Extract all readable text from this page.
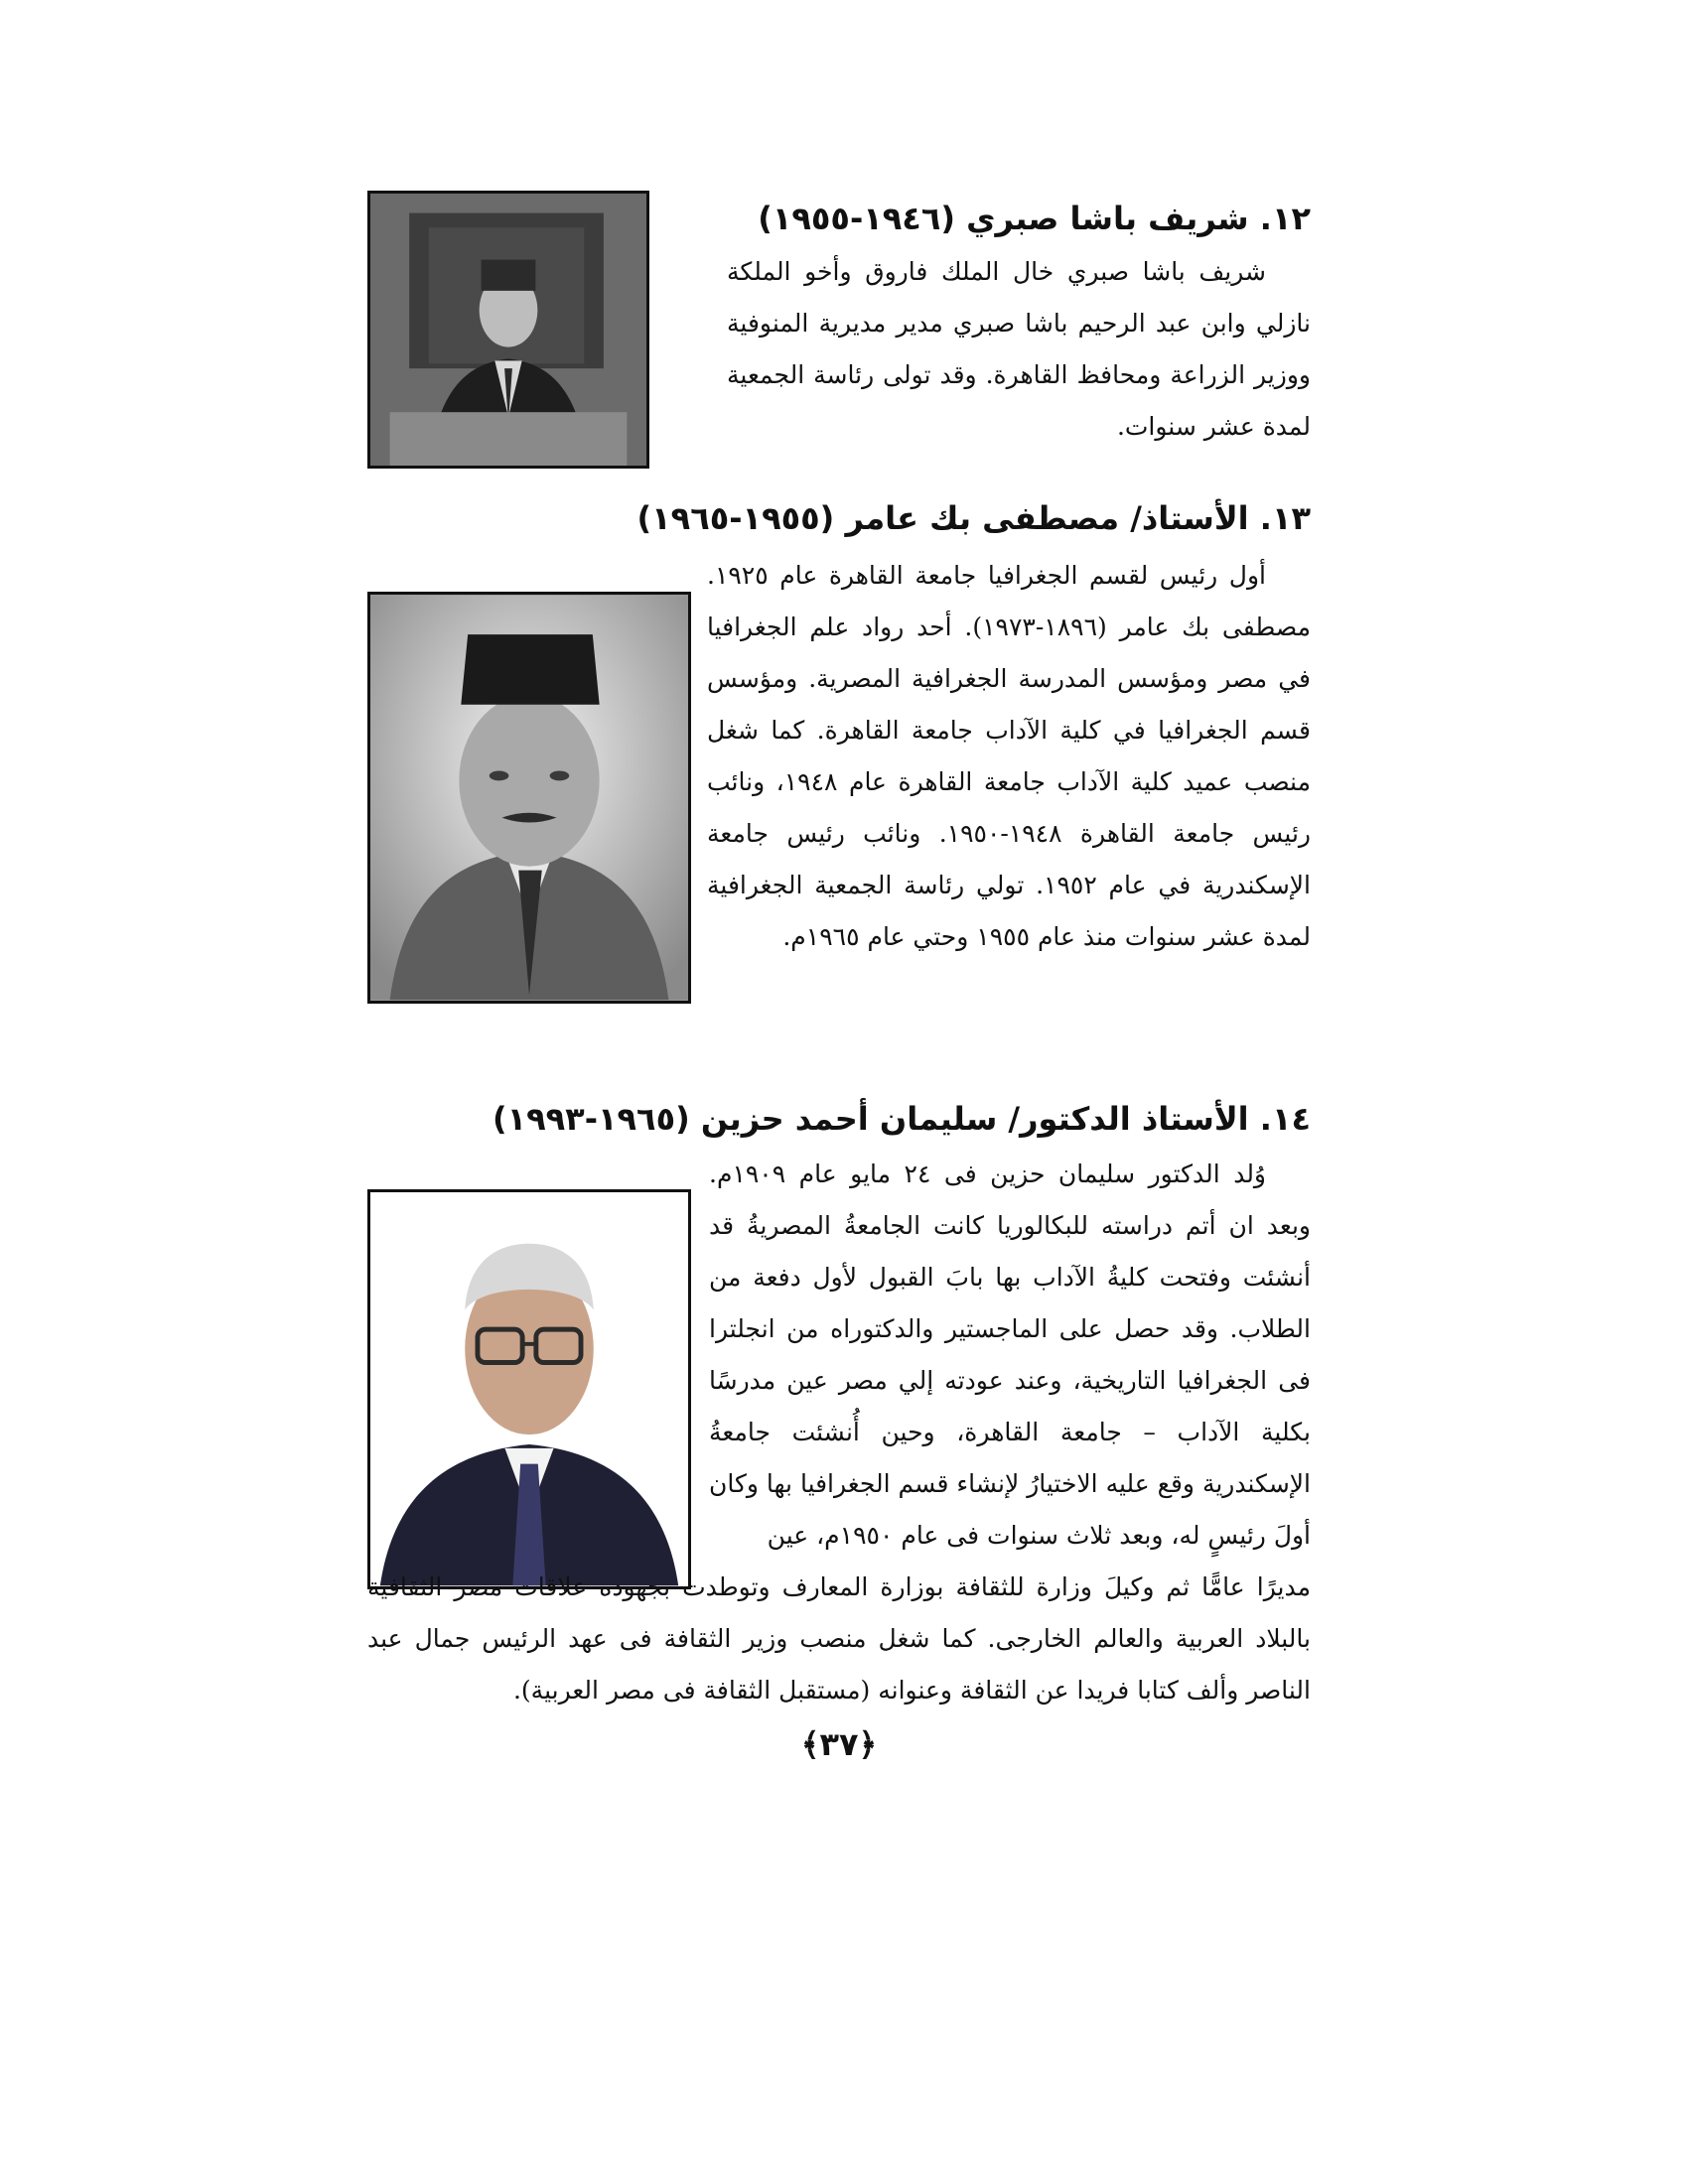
١٢. شريف باشا صبري (١٩٤٦-١٩٥٥)

شريف باشا صبري خال الملك فاروق وأخو الملكة نازلي وابن عبد الرحيم باشا صبري مدير مديرية المنوفية ووزير الزراعة ومحافظ القاهرة. وقد تولى رئاسة الجمعية لمدة عشر سنوات.

١٣. الأستاذ/ مصطفى بك عامر (١٩٥٥-١٩٦٥)

أول رئيس لقسم الجغرافيا جامعة القاهرة عام ١٩٢٥. مصطفى بك عامر (١٨٩٦-١٩٧٣). أحد رواد علم الجغرافيا في مصر ومؤسس المدرسة الجغرافية المصرية. ومؤسس قسم الجغرافيا في كلية الآداب جامعة القاهرة. كما شغل منصب عميد كلية الآداب جامعة القاهرة عام ١٩٤٨، ونائب رئيس جامعة القاهرة ١٩٤٨-١٩٥٠. ونائب رئيس جامعة الإسكندرية في عام ١٩٥٢. تولي رئاسة الجمعية الجغرافية لمدة عشر سنوات منذ عام ١٩٥٥ وحتي عام ١٩٦٥م.

١٤. الأستاذ الدكتور/ سليمان أحمد حزين (١٩٦٥-١٩٩٣)

وُلد الدكتور سليمان حزين فى ٢٤ مايو عام ١٩٠٩م. وبعد ان أتم دراسته للبكالوريا كانت الجامعةُ المصريةُ قد أنشئت وفتحت كليةُ الآداب بها بابَ القبول لأول دفعة من الطلاب. وقد حصل على الماجستير والدكتوراه من انجلترا فى الجغرافيا التاريخية، وعند عودته إلي مصر عين مدرسًا بكلية الآداب – جامعة القاهرة، وحين أُنشئت جامعةُ الإسكندرية وقع عليه الاختيارُ لإنشاء قسم الجغرافيا بها وكان أولَ رئيسٍ له، وبعد ثلاث سنوات فى عام ١٩٥٠م، عين

مديرًا عامًّا ثم وكيلَ وزارة للثقافة بوزارة المعارف وتوطدت بجهوده علاقات مصر الثقافية بالبلاد العربية والعالم الخارجى. كما شغل منصب وزير الثقافة فى عهد الرئيس جمال عبد الناصر وألف كتابا فريدا عن الثقافة وعنوانه (مستقبل الثقافة فى مصر العربية).

﴿٣٧﴾
